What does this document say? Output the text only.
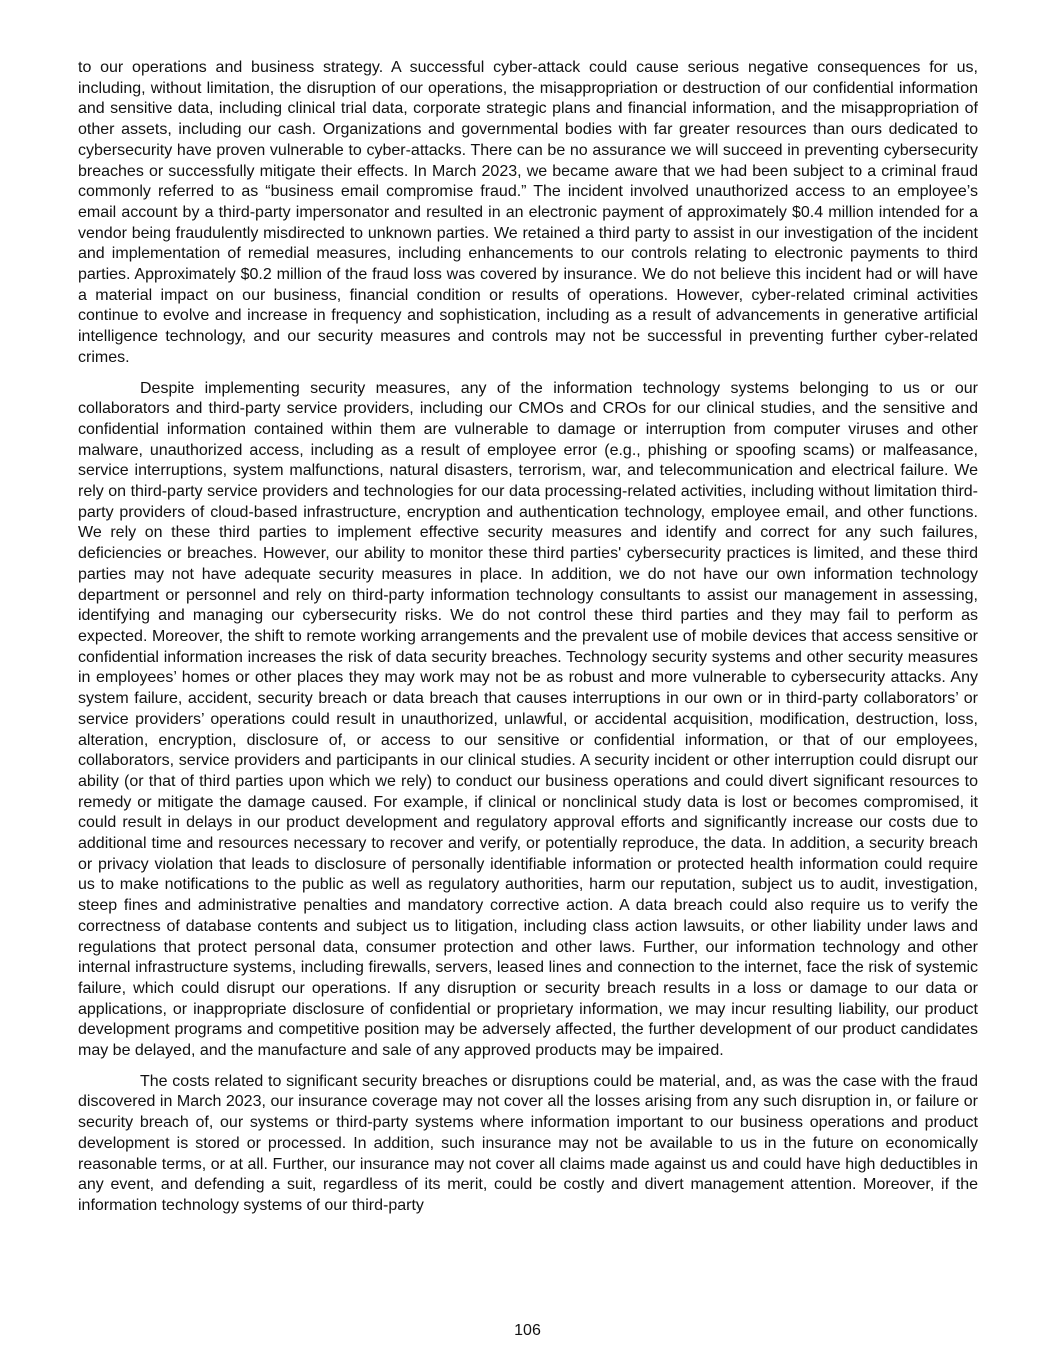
to our operations and business strategy. A successful cyber-attack could cause serious negative consequences for us, including, without limitation, the disruption of our operations, the misappropriation or destruction of our confidential information and sensitive data, including clinical trial data, corporate strategic plans and financial information, and the misappropriation of other assets, including our cash. Organizations and governmental bodies with far greater resources than ours dedicated to cybersecurity have proven vulnerable to cyber-attacks. There can be no assurance we will succeed in preventing cybersecurity breaches or successfully mitigate their effects. In March 2023, we became aware that we had been subject to a criminal fraud commonly referred to as “business email compromise fraud.” The incident involved unauthorized access to an employee’s email account by a third-party impersonator and resulted in an electronic payment of approximately $0.4 million intended for a vendor being fraudulently misdirected to unknown parties. We retained a third party to assist in our investigation of the incident and implementation of remedial measures, including enhancements to our controls relating to electronic payments to third parties. Approximately $0.2 million of the fraud loss was covered by insurance. We do not believe this incident had or will have a material impact on our business, financial condition or results of operations. However, cyber-related criminal activities continue to evolve and increase in frequency and sophistication, including as a result of advancements in generative artificial intelligence technology, and our security measures and controls may not be successful in preventing further cyber-related crimes.

Despite implementing security measures, any of the information technology systems belonging to us or our collaborators and third-party service providers, including our CMOs and CROs for our clinical studies, and the sensitive and confidential information contained within them are vulnerable to damage or interruption from computer viruses and other malware, unauthorized access, including as a result of employee error (e.g., phishing or spoofing scams) or malfeasance, service interruptions, system malfunctions, natural disasters, terrorism, war, and telecommunication and electrical failure. We rely on third-party service providers and technologies for our data processing-related activities, including without limitation third-party providers of cloud-based infrastructure, encryption and authentication technology, employee email, and other functions. We rely on these third parties to implement effective security measures and identify and correct for any such failures, deficiencies or breaches. However, our ability to monitor these third parties' cybersecurity practices is limited, and these third parties may not have adequate security measures in place. In addition, we do not have our own information technology department or personnel and rely on third-party information technology consultants to assist our management in assessing, identifying and managing our cybersecurity risks. We do not control these third parties and they may fail to perform as expected. Moreover, the shift to remote working arrangements and the prevalent use of mobile devices that access sensitive or confidential information increases the risk of data security breaches. Technology security systems and other security measures in employees’ homes or other places they may work may not be as robust and more vulnerable to cybersecurity attacks. Any system failure, accident, security breach or data breach that causes interruptions in our own or in third-party collaborators’ or service providers’ operations could result in unauthorized, unlawful, or accidental acquisition, modification, destruction, loss, alteration, encryption, disclosure of, or access to our sensitive or confidential information, or that of our employees, collaborators, service providers and participants in our clinical studies. A security incident or other interruption could disrupt our ability (or that of third parties upon which we rely) to conduct our business operations and could divert significant resources to remedy or mitigate the damage caused. For example, if clinical or nonclinical study data is lost or becomes compromised, it could result in delays in our product development and regulatory approval efforts and significantly increase our costs due to additional time and resources necessary to recover and verify, or potentially reproduce, the data. In addition, a security breach or privacy violation that leads to disclosure of personally identifiable information or protected health information could require us to make notifications to the public as well as regulatory authorities, harm our reputation, subject us to audit, investigation, steep fines and administrative penalties and mandatory corrective action. A data breach could also require us to verify the correctness of database contents and subject us to litigation, including class action lawsuits, or other liability under laws and regulations that protect personal data, consumer protection and other laws. Further, our information technology and other internal infrastructure systems, including firewalls, servers, leased lines and connection to the internet, face the risk of systemic failure, which could disrupt our operations. If any disruption or security breach results in a loss or damage to our data or applications, or inappropriate disclosure of confidential or proprietary information, we may incur resulting liability, our product development programs and competitive position may be adversely affected, the further development of our product candidates may be delayed, and the manufacture and sale of any approved products may be impaired.

The costs related to significant security breaches or disruptions could be material, and, as was the case with the fraud discovered in March 2023, our insurance coverage may not cover all the losses arising from any such disruption in, or failure or security breach of, our systems or third-party systems where information important to our business operations and product development is stored or processed. In addition, such insurance may not be available to us in the future on economically reasonable terms, or at all. Further, our insurance may not cover all claims made against us and could have high deductibles in any event, and defending a suit, regardless of its merit, could be costly and divert management attention. Moreover, if the information technology systems of our third-party

106
